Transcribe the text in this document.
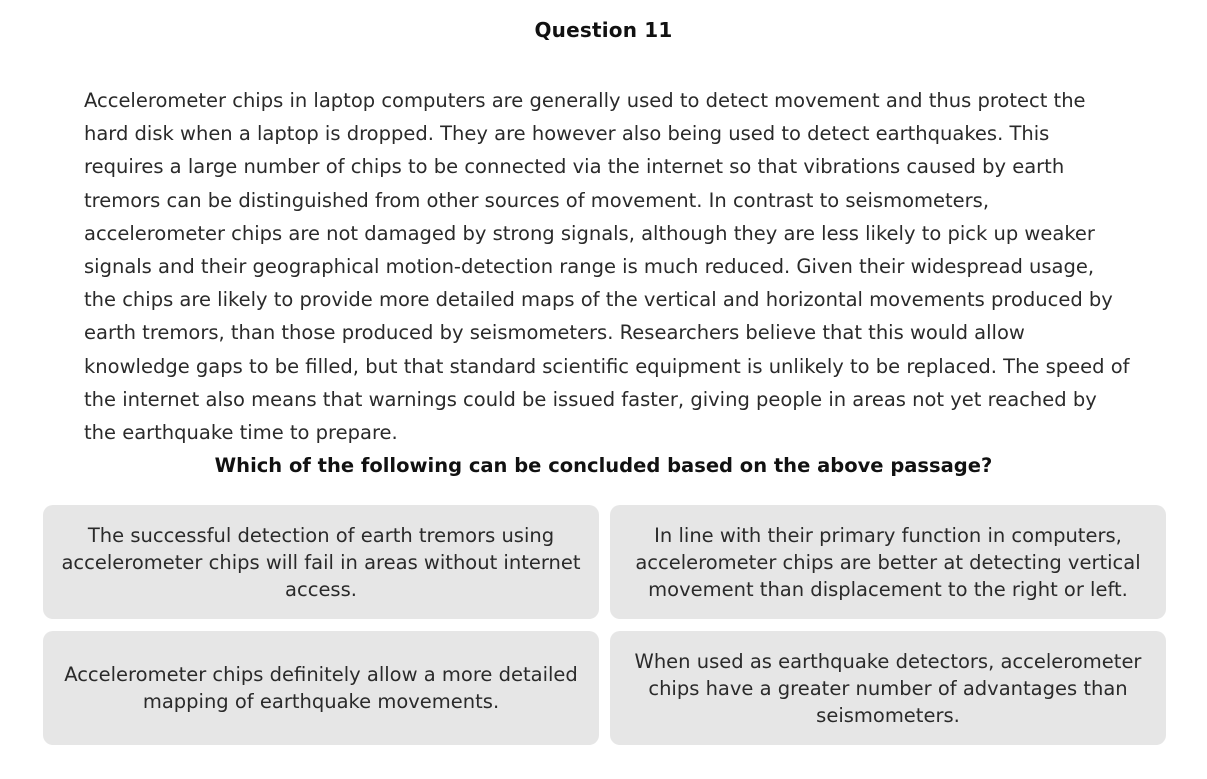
Question 11

Accelerometer chips in laptop computers are generally used to detect movement and thus protect the hard disk when a laptop is dropped. They are however also being used to detect earthquakes. This requires a large number of chips to be connected via the internet so that vibrations caused by earth tremors can be distinguished from other sources of movement. In contrast to seismometers, accelerometer chips are not damaged by strong signals, although they are less likely to pick up weaker signals and their geographical motion-detection range is much reduced. Given their widespread usage, the chips are likely to provide more detailed maps of the vertical and horizontal movements produced by earth tremors, than those produced by seismometers. Researchers believe that this would allow knowledge gaps to be filled, but that standard scientific equipment is unlikely to be replaced. The speed of the internet also means that warnings could be issued faster, giving people in areas not yet reached by the earthquake time to prepare.

Which of the following can be concluded based on the above passage?
The successful detection of earth tremors using accelerometer chips will fail in areas without internet access.
In line with their primary function in computers, accelerometer chips are better at detecting vertical movement than displacement to the right or left.
Accelerometer chips definitely allow a more detailed mapping of earthquake movements.
When used as earthquake detectors, accelerometer chips have a greater number of advantages than seismometers.
